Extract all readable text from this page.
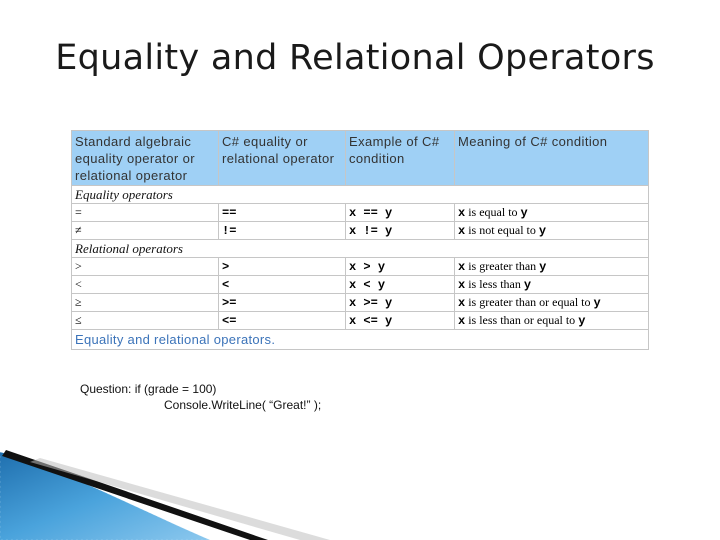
Equality and Relational Operators
Standard algebraic equality operator or relational operator	C# equality or relational operator	Example of C# condition	Meaning of C# condition
Equality operators			
=	==	x == y	x is equal to y
≠	!=	x != y	x is not equal to y
Relational operators			
>	>	x > y	x is greater than y
<	<	x < y	x is less than y
≥	>=	x >= y	x is greater than or equal to y
≤	<=	x <= y	x is less than or equal to y
Equality and relational operators.			
Question: if (grade = 100)
Console.WriteLine( “Great!” );
